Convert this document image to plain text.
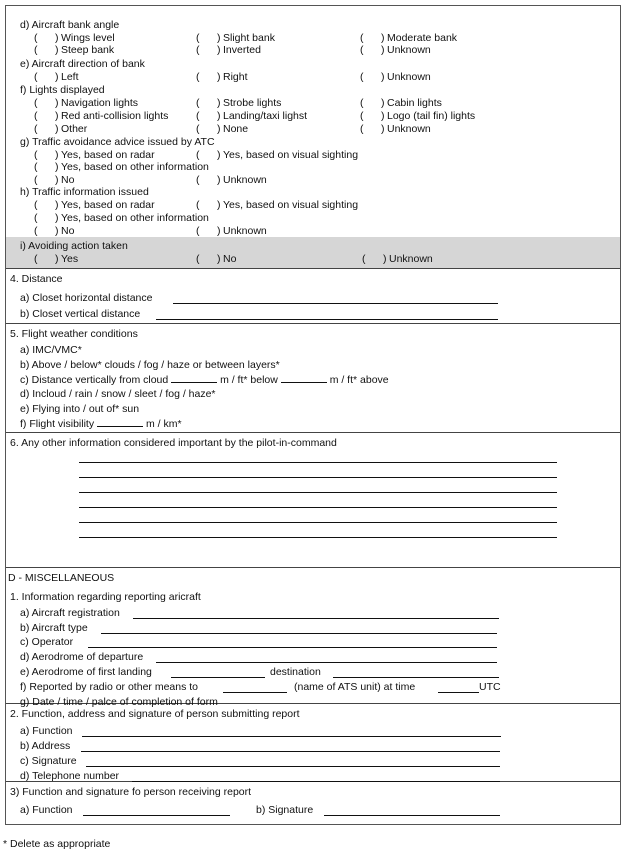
d) Aircraft bank angle
(      ) Wings level	(      ) Slight bank	(      ) Moderate bank
(      ) Steep bank	(      ) Inverted	(      ) Unknown
e) Aircraft direction of bank
(      ) Left	(      ) Right	(      ) Unknown
f) Lights displayed
(      ) Navigation lights	(      ) Strobe lights	(      ) Cabin lights
(      ) Red anti-collision lights	(      ) Landing/taxi lighst	(      ) Logo (tail fin) lights
(      ) Other	(      ) None	(      ) Unknown
g) Traffic avoidance advice issued by ATC
(      ) Yes, based on radar	(      ) Yes, based on visual sighting
(      ) Yes, based on other information
(      ) No	(      ) Unknown
h) Traffic information issued
(      ) Yes, based on radar	(      ) Yes, based on visual sighting
(      ) Yes, based on other information
(      ) No	(      ) Unknown
i) Avoiding action taken
(      ) Yes	(      ) No	(      ) Unknown
4. Distance
a) Closet horizontal distance
b) Closet vertical distance
5. Flight weather conditions
a) IMC/VMC*
b) Above / below* clouds / fog / haze or between layers*
c) Distance vertically from cloud	m / ft* below	m / ft* above
d) Incloud / rain / snow / sleet / fog / haze*
e) Flying into / out of* sun
f) Flight visibility	m / km*
6. Any other information considered important by the pilot-in-command
D - MISCELLANEOUS
1. Information regarding reporting aricraft
a) Aircraft registration
b) Aircraft type
c) Operator
d) Aerodrome of departure
e) Aerodrome of first landing	destination
f) Reported by radio or other means to	(name of ATS unit) at time	UTC
g) Date / time / palce of completion of form
2. Function, address and signature of person submitting report
a) Function
b) Address
c) Signature
d) Telephone number
3) Function and signature fo person receiving report
a) Function	b) Signature
* Delete as appropriate
